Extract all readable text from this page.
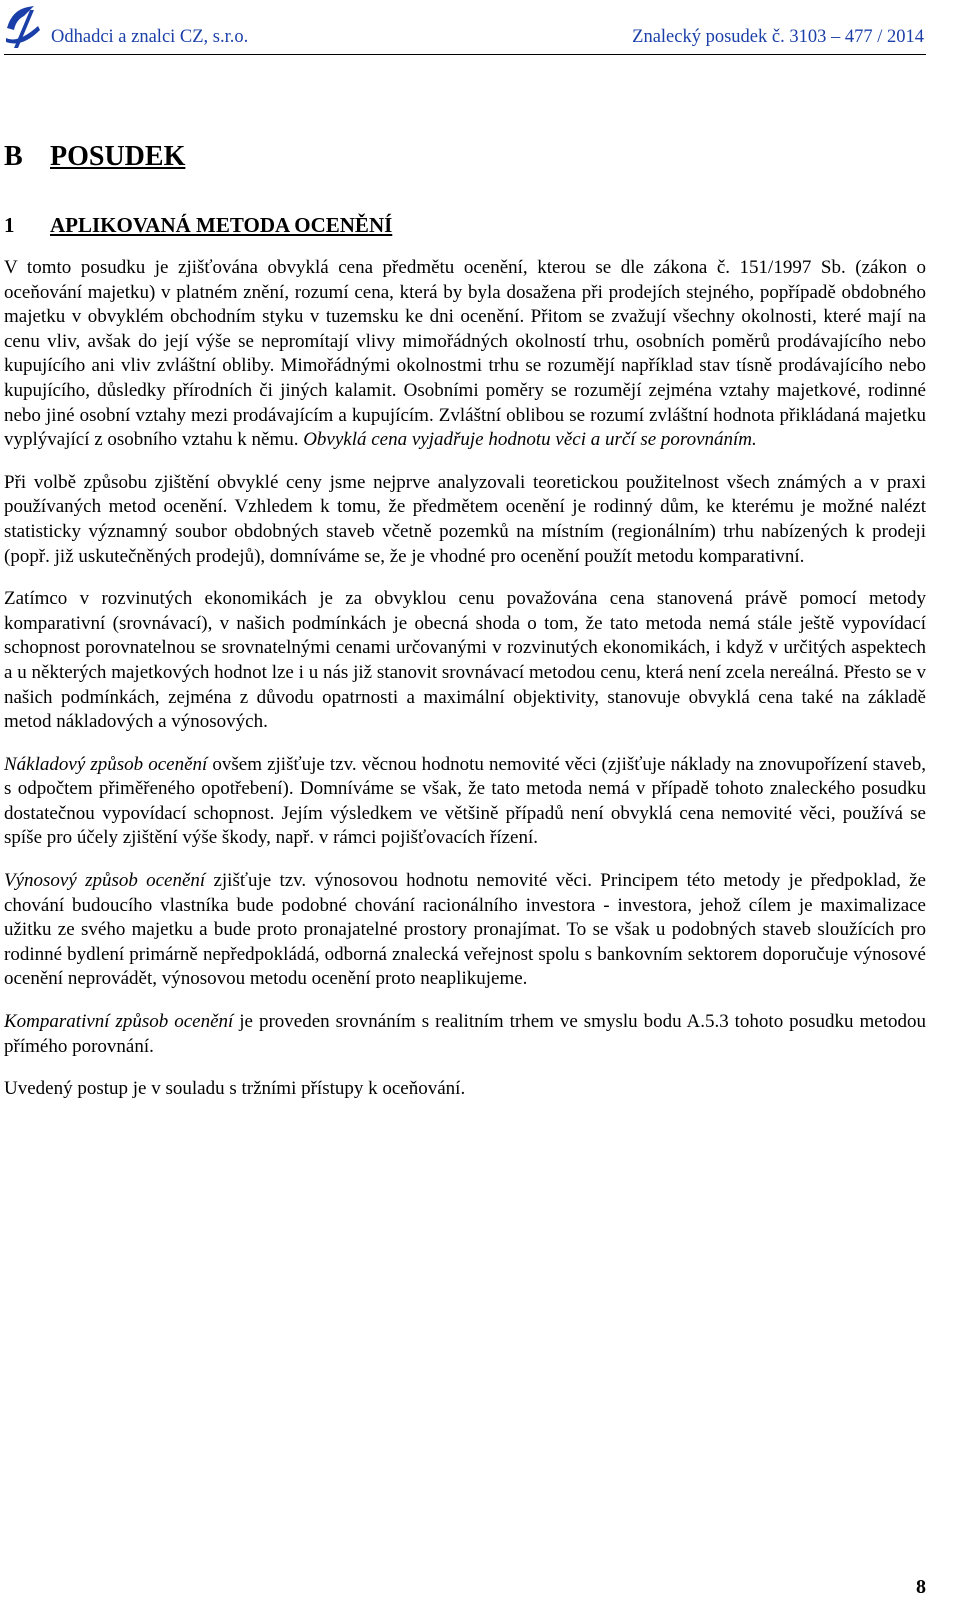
Odhadci a znalci CZ, s.r.o.	Znalecký posudek č. 3103 – 477 / 2014
B POSUDEK
1 APLIKOVANÁ METODA OCENĚNÍ

V tomto posudku je zjišťována obvyklá cena předmětu ocenění, kterou se dle zákona č. 151/1997 Sb. (zákon o oceňování majetku) v platném znění, rozumí cena, která by byla dosažena při prodejích stejného, popřípadě obdobného majetku v obvyklém obchodním styku v tuzemsku ke dni ocenění. Přitom se zvažují všechny okolnosti, které mají na cenu vliv, avšak do její výše se nepromítají vlivy mimořádných okolností trhu, osobních poměrů prodávajícího nebo kupujícího ani vliv zvláštní obliby. Mimořádnými okolnostmi trhu se rozumějí například stav tísně prodávajícího nebo kupujícího, důsledky přírodních či jiných kalamit. Osobními poměry se rozumějí zejména vztahy majetkové, rodinné nebo jiné osobní vztahy mezi prodávajícím a kupujícím. Zvláštní oblibou se rozumí zvláštní hodnota přikládaná majetku vyplývající z osobního vztahu k němu. Obvyklá cena vyjadřuje hodnotu věci a určí se porovnáním.

Při volbě způsobu zjištění obvyklé ceny jsme nejprve analyzovali teoretickou použitelnost všech známých a v praxi používaných metod ocenění. Vzhledem k tomu, že předmětem ocenění je rodinný dům, ke kterému je možné nalézt statisticky významný soubor obdobných staveb včetně pozemků na místním (regionálním) trhu nabízených k prodeji (popř. již uskutečněných prodejů), domníváme se, že je vhodné pro ocenění použít metodu komparativní.

Zatímco v rozvinutých ekonomikách je za obvyklou cenu považována cena stanovená právě pomocí metody komparativní (srovnávací), v našich podmínkách je obecná shoda o tom, že tato metoda nemá stále ještě vypovídací schopnost porovnatelnou se srovnatelnými cenami určovanými v rozvinutých ekonomikách, i když v určitých aspektech a u některých majetkových hodnot lze i u nás již stanovit srovnávací metodou cenu, která není zcela nereálná. Přesto se v našich podmínkách, zejména z důvodu opatrnosti a maximální objektivity, stanovuje obvyklá cena také na základě metod nákladových a výnosových.

Nákladový způsob ocenění ovšem zjišťuje tzv. věcnou hodnotu nemovité věci (zjišťuje náklady na znovupořízení staveb, s odpočtem přiměřeného opotřebení). Domníváme se však, že tato metoda nemá v případě tohoto znaleckého posudku dostatečnou vypovídací schopnost. Jejím výsledkem ve většině případů není obvyklá cena nemovité věci, používá se spíše pro účely zjištění výše škody, např. v rámci pojišťovacích řízení.

Výnosový způsob ocenění zjišťuje tzv. výnosovou hodnotu nemovité věci. Principem této metody je předpoklad, že chování budoucího vlastníka bude podobné chování racionálního investora - investora, jehož cílem je maximalizace užitku ze svého majetku a bude proto pronajatelné prostory pronajímat. To se však u podobných staveb sloužících pro rodinné bydlení primárně nepředpokládá, odborná znalecká veřejnost spolu s bankovním sektorem doporučuje výnosové ocenění neprovádět, výnosovou metodu ocenění proto neaplikujeme.

Komparativní způsob ocenění je proveden srovnáním s realitním trhem ve smyslu bodu A.5.3 tohoto posudku metodou přímého porovnání.

Uvedený postup je v souladu s tržními přístupy k oceňování.

8
